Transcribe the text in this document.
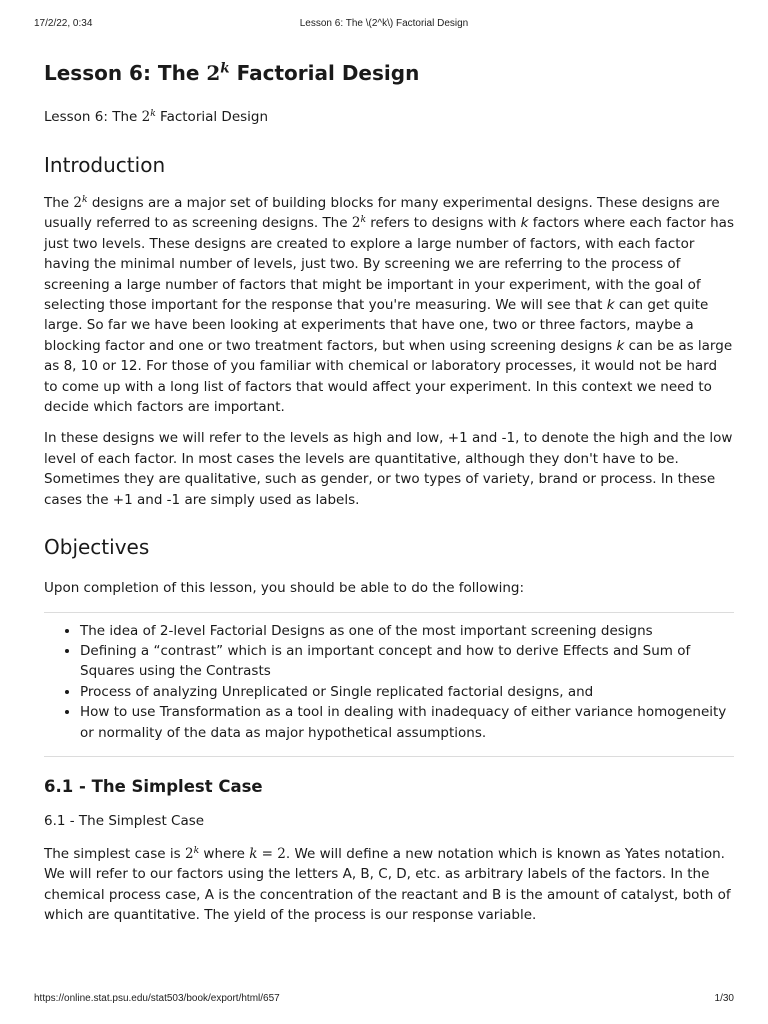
17/2/22, 0:34	Lesson 6: The \(2^k\) Factorial Design
Lesson 6: The 2$^k$ Factorial Design
Lesson 6: The 2$^k$ Factorial Design
Introduction

The 2$^k$ designs are a major set of building blocks for many experimental designs. These designs are usually referred to as screening designs. The 2$^k$ refers to designs with k factors where each factor has just two levels. These designs are created to explore a large number of factors, with each factor having the minimal number of levels, just two. By screening we are referring to the process of screening a large number of factors that might be important in your experiment, with the goal of selecting those important for the response that you're measuring. We will see that k can get quite large. So far we have been looking at experiments that have one, two or three factors, maybe a blocking factor and one or two treatment factors, but when using screening designs k can be as large as 8, 10 or 12. For those of you familiar with chemical or laboratory processes, it would not be hard to come up with a long list of factors that would affect your experiment. In this context we need to decide which factors are important.

In these designs we will refer to the levels as high and low, +1 and -1, to denote the high and the low level of each factor. In most cases the levels are quantitative, although they don't have to be. Sometimes they are qualitative, such as gender, or two types of variety, brand or process. In these cases the +1 and -1 are simply used as labels.

Objectives

Upon completion of this lesson, you should be able to do the following:

• The idea of 2-level Factorial Designs as one of the most important screening designs
• Defining a “contrast” which is an important concept and how to derive Effects and Sum of Squares using the Contrasts
• Process of analyzing Unreplicated or Single replicated factorial designs, and
• How to use Transformation as a tool in dealing with inadequacy of either variance homogeneity or normality of the data as major hypothetical assumptions.
6.1 - The Simplest Case
6.1 - The Simplest Case

The simplest case is 2$^k$ where k = 2. We will define a new notation which is known as Yates notation. We will refer to our factors using the letters A, B, C, D, etc. as arbitrary labels of the factors. In the chemical process case, A is the concentration of the reactant and B is the amount of catalyst, both of which are quantitative. The yield of the process is our response variable.

https://online.stat.psu.edu/stat503/book/export/html/657	1/30
